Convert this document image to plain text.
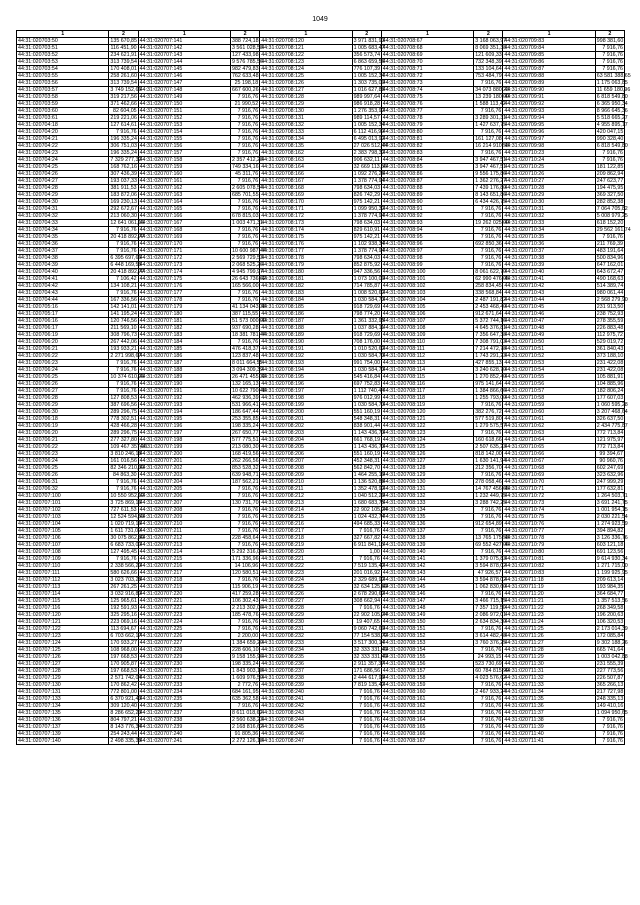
1049
1	2	1	2	1	2	1	2	1	2
44:31:020703:50	135 670,85	44:31:020707:141	388 724,18	44:31:020708:120	3 971 831,93	44:31:020708:67	3 168 063,97	44:31:020709:83	998 381,60
44:31:020703:51	116 451,90	44:31:020707:142	3 561 028,58	44:31:020708:121	1 005 683,47	44:31:020708:68	8 069 351,38	44:31:020709:84	7 916,76
44:31:020703:52	234 621,91	44:31:020707:143	127 433,98	44:31:020708:122	356 573,74	44:31:020708:69	121 609,33	44:31:020709:85	7 916,76
44:31:020703:53	313 739,54	44:31:020707:144	9 576 785,56	44:31:020708:123	6 863 659,56	44:31:020708:70	732 348,39	44:31:020709:86	7 916,76
44:31:020703:54	170 408,01	44:31:020707:145	982 479,83	44:31:020708:124	776 107,39	44:31:020708:71	133 104,64	44:31:020709:87	7 916,76
44:31:020703:55	258 261,60	44:31:020707:146	762 633,48	44:31:020708:125	1 005 152,34	44:31:020708:72	753 484,79	44:31:020709:88	63 581 388,65
44:31:020703:56	313 739,54	44:31:020707:147	25 198,18	44:31:020708:126	1 303 735,00	44:31:020708:73	7 916,76	44:31:020709:89	1 175 063,85
44:31:020703:57	3 749 152,66	44:31:020707:148	667 600,26	44:31:020708:127	1 016 627,88	44:31:020708:74	34 073 880,23	44:31:020709:90	11 659 180,96
44:31:020703:58	319 217,56	44:31:020707:149	7 916,76	44:31:020708:128	989 997,64	44:31:020708:75	13 239 180,00	44:31:020709:91	6 818 549,80
44:31:020703:59	371 462,66	44:31:020707:150	21 990,52	44:31:020708:129	986 918,28	44:31:020708:76	1 588 113,42	44:31:020709:92	6 365 950,34
44:31:020703:60	82 604,05	44:31:020707:151	7 916,76	44:31:020708:130	1 276 353,92	44:31:020708:77	7 916,76	44:31:020709:93	8 966 645,36
44:31:020703:61	219 221,06	44:31:020707:152	7 916,76	44:31:020708:131	989 114,57	44:31:020708:78	3 289 301,31	44:31:020709:94	5 518 665,27
44:31:020704:18	127 614,61	44:31:020707:153	7 916,76	44:31:020708:132	1 005 152,34	44:31:020708:79	1 427 637,75	44:31:020709:95	4 955 895,17
44:31:020704:20	7 916,76	44:31:020707:154	7 916,76	44:31:020708:133	6 112 416,99	44:31:020708:80	7 916,76	44:31:020709:96	420 047,15
44:31:020704:21	196 335,24	44:31:020707:155	7 916,76	44:31:020708:134	6 495 013,92	44:31:020708:81	161 127,08	44:31:020709:97	990 328,40
44:31:020704:22	306 751,03	44:31:020707:156	7 916,76	44:31:020708:135	27 026 512,44	44:31:020708:82	16 214 910,58	44:31:020709:98	6 818 549,80
44:31:020704:23	196 335,24	44:31:020707:157	7 916,76	44:31:020708:162	2 383 798,32	44:31:020708:83	7 916,76	44:31:020710:23	7 916,76
44:31:020704:24	7 329 277,32	44:31:020707:158	2 357 412,28	44:31:020708:163	906 632,11	44:31:020708:84	3 947 467,51	44:31:020710:24	7 916,76
44:31:020704:25	168 762,16	44:31:020707:159	749 334,16	44:31:020708:164	32 669 113,56	44:31:020708:85	3 947 467,51	44:31:020710:25	181 122,85
44:31:020704:26	307 436,39	44:31:020707:160	45 311,76	44:31:020708:166	1 092 276,26	44:31:020708:86	9 556 175,86	44:31:020710:26	209 862,94
44:31:020704:27	193 037,33	44:31:020707:161	7 916,76	44:31:020708:167	1 378 774,94	44:31:020708:87	1 362 276,27	44:31:020710:27	247 623,77
44:31:020704:28	381 911,53	44:31:020707:162	2 605 078,54	44:31:020708:168	798 634,03	44:31:020708:88	7 439 176,80	44:31:020710:28	194 475,95
44:31:020704:29	183 872,06	44:31:020707:163	685 701,55	44:31:020708:169	826 742,29	44:31:020708:89	8 143 651,86	44:31:020710:29	369 327,50
44:31:020704:30	169 230,13	44:31:020707:164	7 916,76	44:31:020708:170	975 142,21	44:31:020708:90	6 434 426,75	44:31:020710:30	282 852,38
44:31:020704:31	292 672,67	44:31:020707:165	7 916,76	44:31:020708:171	1 099 950,32	44:31:020708:91	7 916,76	44:31:020710:31	7 064 705,82
44:31:020704:32	213 060,30	44:31:020707:166	678 815,03	44:31:020708:172	1 378 774,94	44:31:020708:92	7 916,76	44:31:020710:32	5 008 979,25
44:31:020704:33	12 641 061,16	44:31:020707:167	1 003 471,31	44:31:020708:173	798 634,03	44:31:020708:93	19 262 025,00	44:31:020710:33	618 152,20
44:31:020704:34	7 916,76	44:31:020707:168	7 916,76	44:31:020708:174	829 610,91	44:31:020708:94	7 916,76	44:31:020710:34	29 562 161,74
44:31:020704:35	20 418 892,77	44:31:020707:169	7 916,76	44:31:020708:175	975 142,21	44:31:020708:95	7 916,76	44:31:020710:35	7 916,76
44:31:020704:36	7 916,76	44:31:020707:170	7 916,76	44:31:020708:176	1 102 938,34	44:31:020708:96	692 850,36	44:31:020710:36	211 769,39
44:31:020704:37	7 916,76	44:31:020707:171	10 600 987,44	44:31:020708:177	1 378 774,94	44:31:020708:97	7 916,76	44:31:020710:37	483 191,64
44:31:020704:38	6 395 697,66	44:31:020707:172	2 569 729,53	44:31:020708:178	798 634,03	44:31:020708:98	7 916,76	44:31:020710:38	500 834,96
44:31:020704:39	6 448 169,58	44:31:020707:173	2 068 525,26	44:31:020708:179	852 875,92	44:31:020708:99	7 916,76	44:31:020710:39	647 162,01
44:31:020704:40	20 418 892,77	44:31:020707:174	4 945 799,97	44:31:020708:180	947 336,56	44:31:020708:100	8 061 622,70	44:31:020710:40	643 672,47
44:31:020704:41	7 106,42	44:31:020707:175	26 643 736,62	44:31:020708:181	1 073 100,00	44:31:020708:101	62 990 476,05	44:31:020710:41	490 168,63
44:31:020704:42	134 108,21	44:31:020707:176	165 566,00	44:31:020708:182	714 785,87	44:31:020708:102	258 834,45	44:31:020710:42	514 389,74
44:31:020704:43	7 916,76	44:31:020707:177	7 916,76	44:31:020708:183	1 008 520,62	44:31:020708:103	338 568,84	44:31:020710:43	980 061,44
44:31:020704:44	167 336,56	44:31:020707:178	7 916,76	44:31:020708:184	1 030 584,73	44:31:020708:104	2 487 191,82	44:31:020710:44	2 568 279,90
44:31:020705:16	142 141,01	44:31:020707:179	41 134 043,38	44:31:020708:185	918 729,69	44:31:020708:105	2 453 468,40	44:31:020710:45	231 913,50
44:31:020705:17	141 195,24	44:31:020707:180	387 115,55	44:31:020708:186	798 774,20	44:31:020708:106	912 671,64	44:31:020710:46	238 752,93
44:31:020706:16	120 746,56	44:31:020707:181	51 573 000,00	44:31:020708:187	1 361 332,95	44:31:020708:107	5 372 744,16	44:31:020710:47	278 355,59
44:31:020706:17	211 569,10	44:31:020707:182	937 690,28	44:31:020708:188	1 037 884,11	44:31:020708:108	4 645 376,81	44:31:020710:48	226 883,48
44:31:020706:19	308 796,73	44:31:020707:183	18 381 781,44	44:31:020708:189	918 729,69	44:31:020708:109	7 356 647,38	44:31:020710:49	112 975,72
44:31:020706:20	267 442,06	44:31:020707:184	7 916,76	44:31:020708:190	708 176,00	44:31:020708:110	7 308 791,03	44:31:020710:50	529 019,72
44:31:020706:21	193 933,21	44:31:020707:185	476 418,37	44:31:020708:191	1 010 520,62	44:31:020708:111	7 214 472,78	44:31:020710:51	361 840,43
44:31:020706:22	2 271 998,67	44:31:020707:186	123 837,48	44:31:020708:192	1 030 584,73	44:31:020708:112	1 743 291,23	44:31:020710:52	373 188,10
44:31:020706:23	7 916,76	44:31:020707:187	8 011 664,55	44:31:020708:193	991 754,00	44:31:020708:113	427 855,13	44:31:020710:53	231 422,08
44:31:020706:24	7 916,76	44:31:020707:188	3 094 309,39	44:31:020708:194	1 030 584,73	44:31:020708:114	3 240 628,70	44:31:020710:54	231 422,08
44:31:020706:25	10 374 610,26	44:31:020707:189	26 471 455,33	44:31:020708:195	545 416,84	44:31:020708:115	1 270 852,40	44:31:020710:55	105 881,91
44:31:020706:26	7 916,76	44:31:020707:190	132 165,13	44:31:020708:196	697 752,83	44:31:020708:116	975 141,64	44:31:020710:56	104 885,96
44:31:020706:27	7 916,76	44:31:020707:191	10 622 790,48	44:31:020708:197	1 112 740,44	44:31:020708:117	1 384 866,66	44:31:020710:57	182 806,24
44:31:020706:28	127 808,53	44:31:020707:192	462 936,39	44:31:020708:198	976 012,99	44:31:020708:118	1 255 793,00	44:31:020710:58	177 607,03
44:31:020706:29	387 696,56	44:31:020707:193	531 966,41	44:31:020708:199	1 030 584,73	44:31:020708:119	7 916,76	44:31:020710:59	1 060 595,28
44:31:020706:30	289 296,75	44:31:020707:194	186 647,44	44:31:020708:200	551 160,19	44:31:020708:120	382 276,72	44:31:020710:60	3 207 468,64
44:31:020706:18	778 302,51	44:31:020707:195	253 355,85	44:31:020708:201	548 348,31	44:31:020708:121	577 519,80	44:31:020710:61	326 637,50
44:31:020706:19	428 466,28	44:31:020707:196	198 335,24	44:31:020708:202	838 901,44	44:31:020708:122	1 279 575,57	44:31:020710:62	2 434 775,87
44:31:020706:20	289 296,75	44:31:020707:197	267 650,77	44:31:020708:203	1 143 436,73	44:31:020708:123	7 916,76	44:31:020710:63	772 713,84
44:31:020706:21	277 327,80	44:31:020707:198	577 775,51	44:31:020708:204	661 768,19	44:31:020708:124	160 618,66	44:31:020710:64	121 975,97
44:31:020706:22	109 467 357,16	44:31:020707:199	213 080,30	44:31:020708:205	1 143 436,73	44:31:020708:125	2 507 635,23	44:31:020710:65	772 713,84
44:31:020706:23	3 810 246,18	44:31:020707:200	168 419,56	44:31:020708:206	551 160,19	44:31:020708:126	818 142,00	44:31:020710:66	99 394,67
44:31:020706:24	161 016,56	44:31:020707:201	262 266,56	44:31:020708:207	452 348,31	44:31:020708:127	1 630 141,94	44:31:020710:67	90 960,76
44:31:020706:25	82 346 210,30	44:31:020707:202	853 528,32	44:31:020708:208	562 842,70	44:31:020708:128	212 356,70	44:31:020710:68	602 247,69
44:31:020706:26	84 863,30	44:31:020707:203	639 948,71	44:31:020708:209	1 464 255,19	44:31:020708:129	7 916,76	44:31:020710:69	323 632,96
44:31:020706:31	7 916,76	44:31:020707:204	187 562,21	44:31:020708:210	1 136 520,88	44:31:020708:130	278 058,46	44:31:020710:70	247 999,29
44:31:020706:32	7 916,76	44:31:020707:205	7 916,76	44:31:020708:211	1 352 478,92	44:31:020708:131	14 767 456,65	44:31:020710:71	177 632,81
44:31:020707:100	10 550 952,12	44:31:020707:206	7 916,76	44:31:020708:212	1 040 512,29	44:31:020708:132	1 232 449,75	44:31:020710:72	1 264 503,71
44:31:020707:101	3 725 869,16	44:31:020707:207	130 731,70	44:31:020708:213	1 680 683,75	44:31:020708:133	3 288 742,25	44:31:020710:73	3 691 241,75
44:31:020707:102	727 611,53	44:31:020707:208	7 916,76	44:31:020708:214	22 902 105,24	44:31:020708:134	7 916,76	44:31:020710:74	1 001 954,15
44:31:020707:103	12 524 594,53	44:31:020707:209	7 916,76	44:31:020708:215	1 024 432,74	44:31:020708:135	7 916,76	44:31:020710:75	2 030 221,54
44:31:020707:104	1 020 719,16	44:31:020707:210	7 916,76	44:31:020708:216	494 685,33	44:31:020708:136	912 654,89	44:31:020710:76	1 274 923,59
44:31:020707:105	1 611 731,09	44:31:020707:211	7 916,76	44:31:020708:217	7 916,76	44:31:020708:137	7 916,76	44:31:020710:77	394 894,82
44:31:020707:106	30 075 862,80	44:31:020707:212	228 458,64	44:31:020708:218	327 667,82	44:31:020708:138	13 765 175,58	44:31:020710:78	3 126 336,76
44:31:020707:107	6 683 733,00	44:31:020707:213	7 916,76	44:31:020708:219	6 911 841,15	44:31:020708:139	69 552 427,06	44:31:020710:79	603 121,18
44:31:020707:108	127 495,45	44:31:020707:214	5 292 316,06	44:31:020708:220	1,00	44:31:020708:140	7 916,76	44:31:020710:80	691 123,56
44:31:020707:109	7 916,76	44:31:020707:215	171 336,96	44:31:020708:221	7 916,76	44:31:020708:141	1 379 075,83	44:31:020710:81	9 614 930,34
44:31:020707:110	2 338 566,20	44:31:020707:216	14 106,96	44:31:020708:222	7 519 135,42	44:31:020708:142	3 594 878,02	44:31:020710:82	1 271 715,00
44:31:020707:111	580 626,66	44:31:020707:217	120 580,51	44:31:020708:223	201 016,92	44:31:020708:143	47 926,57	44:31:020710:83	1 199 925,95
44:31:020707:112	3 023 703,28	44:31:020707:218	7 916,76	44:31:020708:224	2 329 689,92	44:31:020708:144	3 594 878,02	44:31:020711:18	209 613,14
44:31:020707:113	267 261,25	44:31:020707:219	115 906,19	44:31:020708:225	32 634 125,60	44:31:020708:145	1 062 830,60	44:31:020711:19	193 984,35
44:31:020707:114	3 032 916,80	44:31:020707:220	417 259,28	44:31:020708:226	2 678 290,62	44:31:020708:146	7 916,76	44:31:020711:20	364 684,77
44:31:020707:115	125 965,61	44:31:020707:221	106 302,43	44:31:020708:227	308 662,94	44:31:020708:147	3 466 715,15	44:31:020711:21	1 357 513,56
44:31:020707:116	192 591,93	44:31:020707:222	2 213 302,06	44:31:020708:228	7 916,76	44:31:020708:148	7 357 119,50	44:31:020711:22	268 349,58
44:31:020707:120	325 295,16	44:31:020707:223	185 478,76	44:31:020708:229	22 902 105,24	44:31:020708:149	2 086 972,01	44:31:020711:23	196 200,63
44:31:020707:121	223 069,16	44:31:020707:224	7 916,76	44:31:020708:230	19 407,65	44:31:020708:150	2 634 834,30	44:31:020711:24	106 320,53
44:31:020707:122	113 694,67	44:31:020707:225	7 916,76	44:31:020708:231	9 060 742,60	44:31:020708:151	7 916,76	44:31:020711:25	2 173 014,39
44:31:020707:123	6 703 662,17	44:31:020707:226	2 200,00	44:31:020708:232	77 154 538,72	44:31:020708:152	3 614 482,48	44:31:020711:26	172 085,84
44:31:020707:124	170 933,27	44:31:020707:227	1 384 659,20	44:31:020708:233	3 517 300,14	44:31:020708:153	3 760 376,25	44:31:020711:27	9 302 188,26
44:31:020707:125	108 968,00	44:31:020707:228	228 606,10	44:31:020708:234	32 333 331,40	44:31:020708:154	7 916,76	44:31:020711:28	665 741,64
44:31:020707:126	197 668,53	44:31:020707:229	9 158 155,96	44:31:020708:235	32 333 331,40	44:31:020708:155	24 993,15	44:31:020711:29	1 003 042,88
44:31:020707:127	170 905,87	44:31:020707:230	198 335,24	44:31:020708:236	2 911 357,37	44:31:020708:156	523 730,69	44:31:020711:30	231 555,39
44:31:020707:128	197 668,53	44:31:020707:231	1 843 903,18	44:31:020708:237	171 686,56	44:31:020708:157	60 784 815,99	44:31:020711:31	227 773,56
44:31:020707:129	2 571 742,04	44:31:020707:232	1 609 976,50	44:31:020708:238	2 444 617,99	44:31:020708:158	4 023 576,62	44:31:020711:32	226 507,87
44:31:020707:130	170 862,42	44:31:020707:233	2 772,76	44:31:020708:239	7 819 135,42	44:31:020708:159	7 916,76	44:31:020711:33	365 266,13
44:31:020707:131	772 801,00	44:31:020707:234	684 161,95	44:31:020708:240	7 916,76	44:31:020708:160	2 467 933,24	44:31:020711:34	217 727,98
44:31:020707:133	6 370 921,43	44:31:020707:235	635 362,58	44:31:020708:241	7 916,76	44:31:020708:161	7 916,76	44:31:020711:35	248 335,13
44:31:020707:134	309 120,40	44:31:020707:236	7 916,76	44:31:020708:242	7 916,76	44:31:020708:162	7 916,76	44:31:020711:36	149 410,16
44:31:020707:135	8 286 652,23	44:31:020707:237	8 611 018,62	44:31:020708:243	7 916,76	44:31:020708:163	7 916,76	44:31:020711:37	1 094 950,65
44:31:020707:136	804 797,21	44:31:020707:238	2 560 638,23	44:31:020708:244	7 916,76	44:31:020708:164	7 916,76	44:31:020711:38	7 916,76
44:31:020707:137	8 143 776,34	44:31:020707:239	2 168 816,62	44:31:020708:245	7 916,76	44:31:020708:165	7 916,76	44:31:020711:39	7 916,76
44:31:020707:139	254 243,44	44:31:020707:240	91 805,36	44:31:020708:246	7 916,76	44:31:020708:166	7 916,76	44:31:020711:40	7 916,76
44:31:020707:140	2 498 335,38	44:31:020707:241	2 272 126,18	44:31:020708:247	7 916,76	44:31:020708:167	7 916,76	44:31:020711:41	7 916,76
